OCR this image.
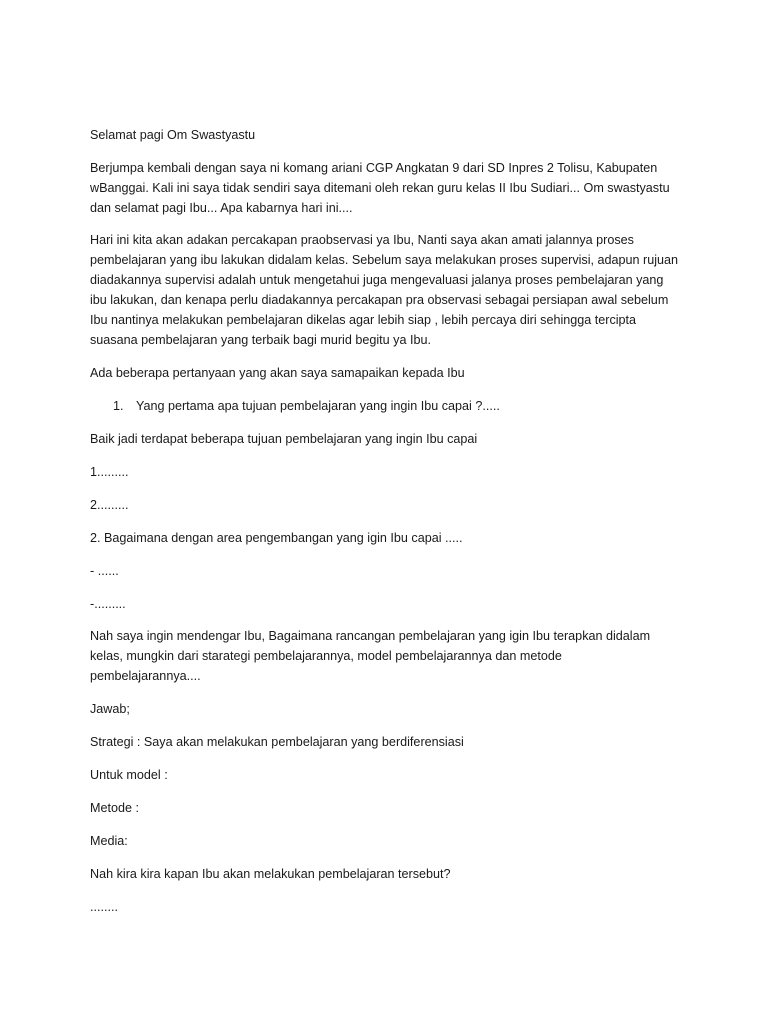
Selamat pagi Om Swastyastu

Berjumpa kembali dengan saya ni komang ariani CGP Angkatan 9 dari SD Inpres 2 Tolisu, Kabupaten
wBanggai. Kali ini saya tidak sendiri saya ditemani oleh rekan guru kelas II Ibu Sudiari... Om swastyastu
dan selamat pagi Ibu... Apa kabarnya hari ini....
Hari ini kita akan adakan percakapan praobservasi ya Ibu, Nanti saya akan amati jalannya proses
pembelajaran yang ibu lakukan didalam kelas. Sebelum saya melakukan proses supervisi, adapun rujuan
diadakannya supervisi adalah untuk mengetahui juga mengevaluasi jalanya proses pembelajaran yang
ibu lakukan, dan kenapa perlu diadakannya percakapan pra observasi sebagai persiapan awal sebelum
Ibu nantinya melakukan pembelajaran dikelas agar lebih siap , lebih percaya diri sehingga tercipta
suasana pembelajaran yang terbaik bagi murid begitu ya Ibu.

Ada beberapa pertanyaan yang akan saya samapaikan kepada Ibu

1. Yang pertama apa tujuan pembelajaran yang ingin Ibu capai ?.....

Baik jadi terdapat beberapa tujuan pembelajaran yang ingin Ibu capai

1.........

2.........

2. Bagaimana dengan area pengembangan yang igin Ibu capai .....

- ......

-.........

Nah saya ingin mendengar Ibu, Bagaimana rancangan pembelajaran yang igin Ibu terapkan didalam
kelas, mungkin dari starategi pembelajarannya, model pembelajarannya dan metode
pembelajarannya....

Jawab;

Strategi : Saya akan melakukan pembelajaran yang berdiferensiasi

Untuk model :

Metode :

Media:

Nah kira kira kapan Ibu akan melakukan pembelajaran tersebut?

........
